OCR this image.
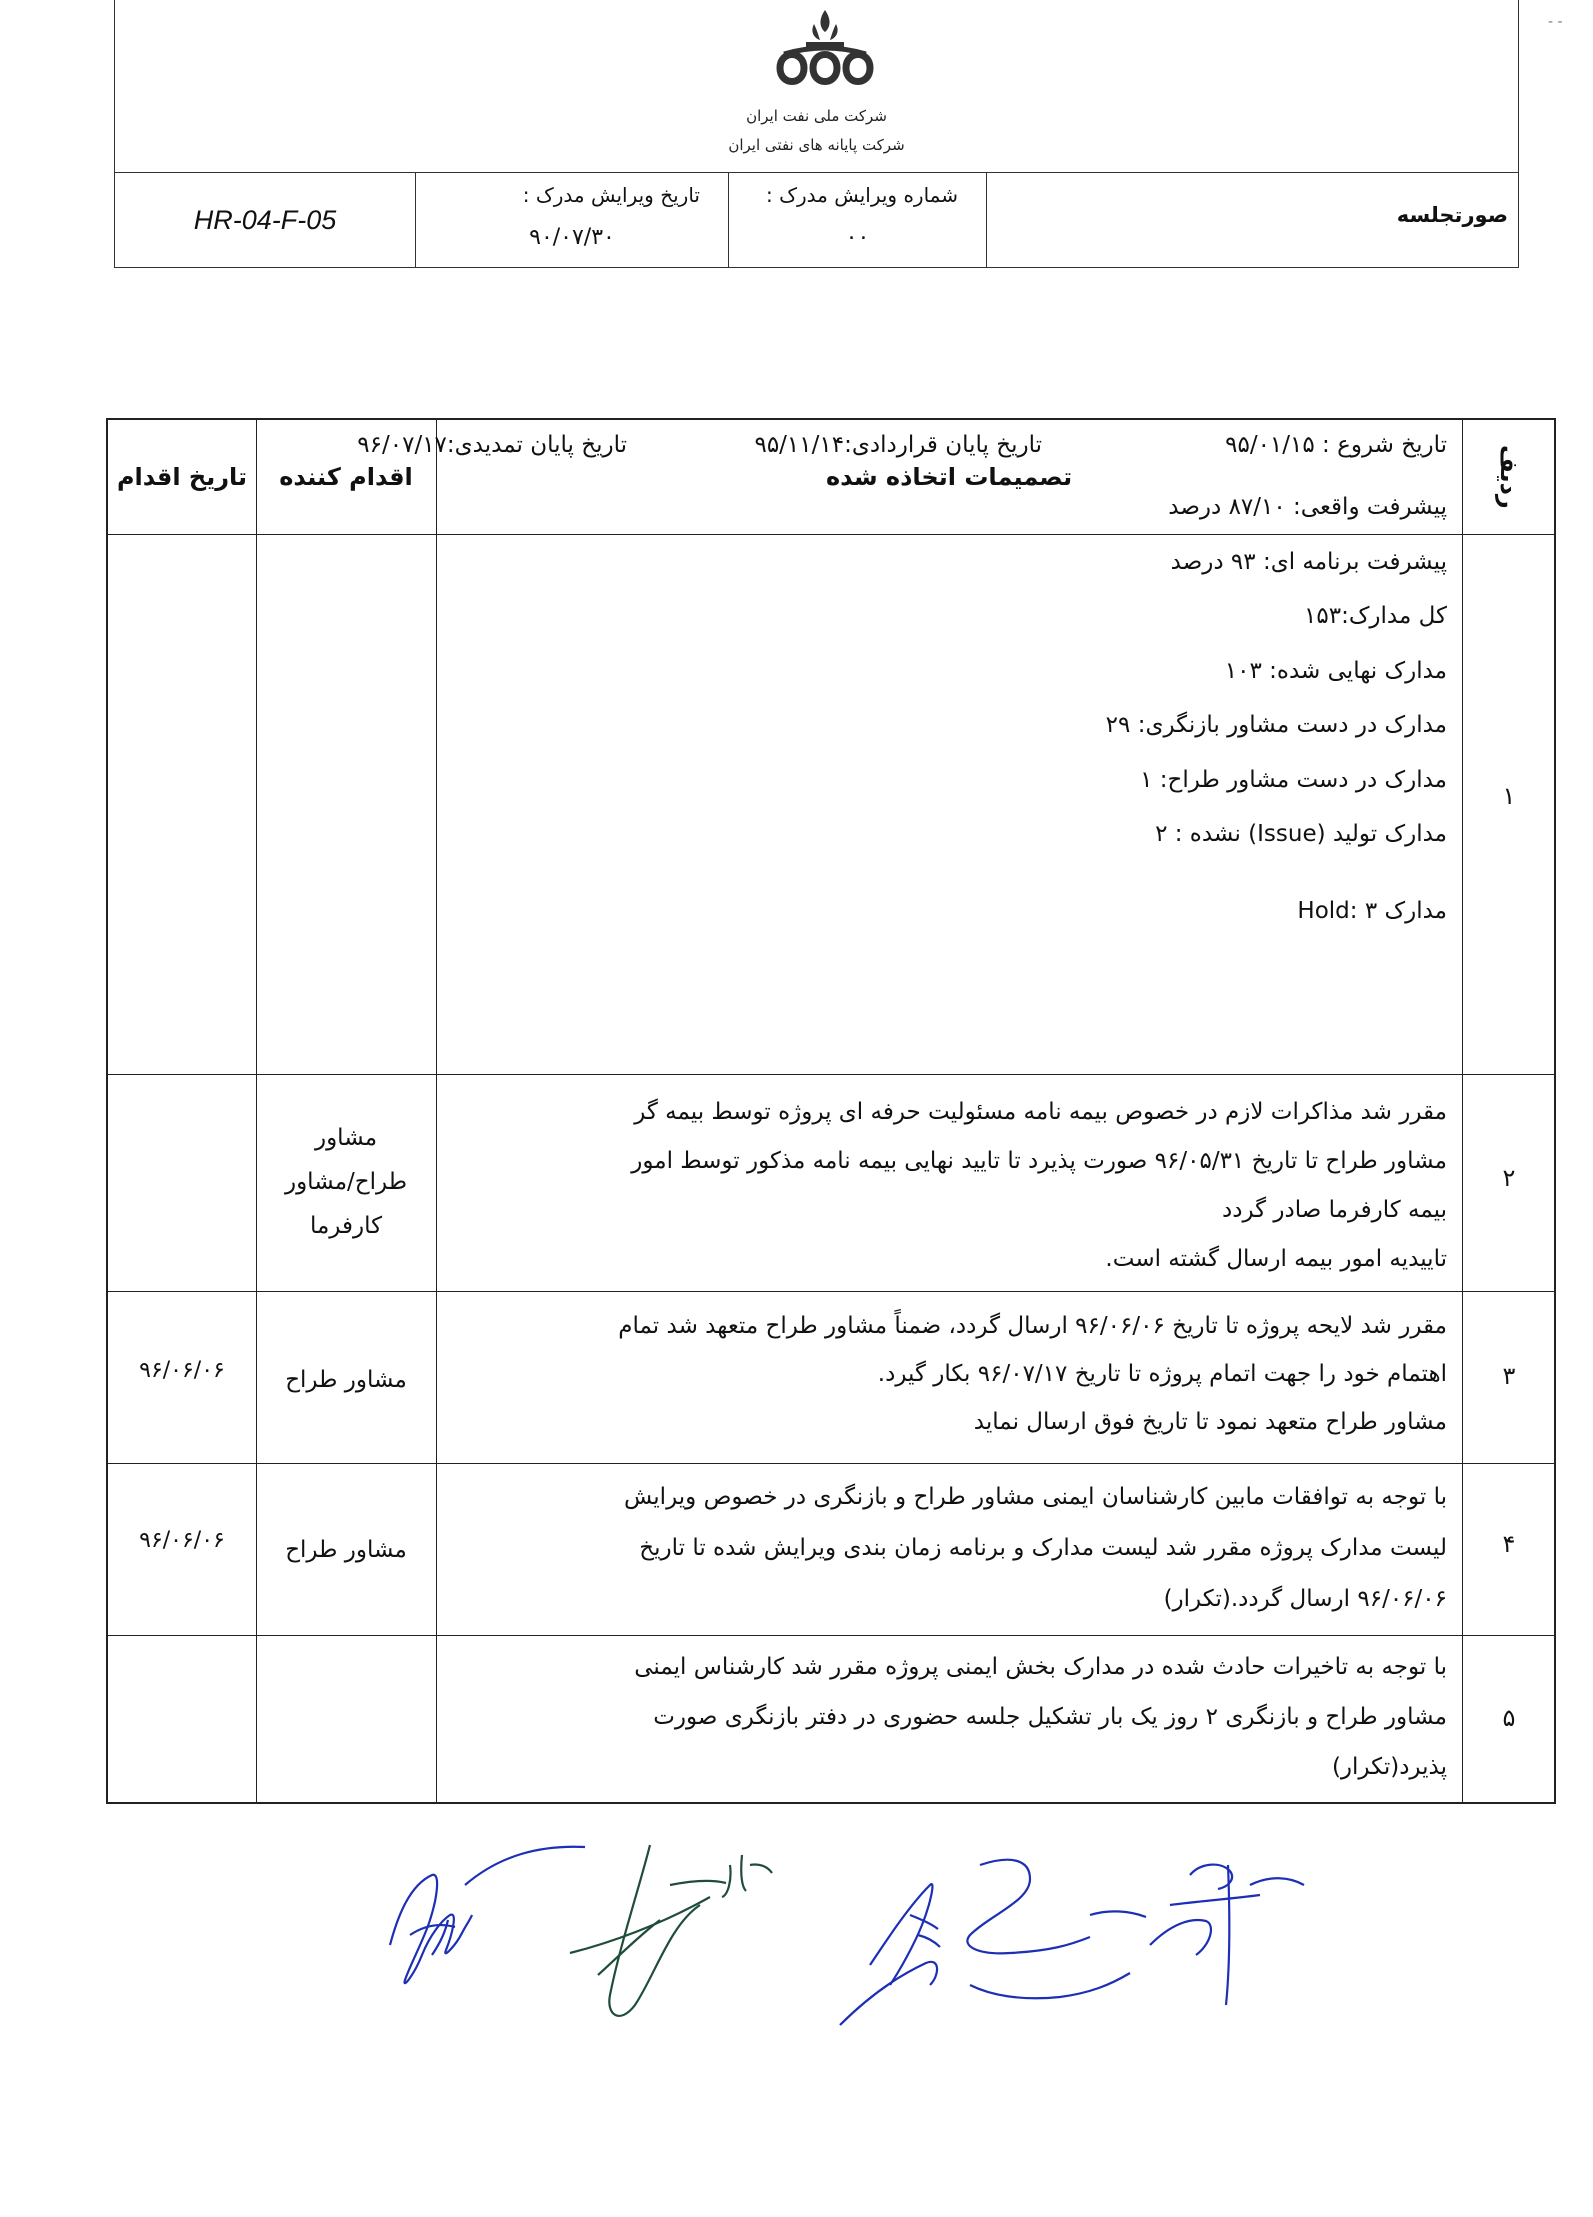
- -
شرکت ملی نفت ایران
شرکت پایانه های نفتی ایران
HR-04-F-05
تاریخ ویرایش مدرک :
۹۰/۰۷/۳۰
شماره ویرایش مدرک :
۰۰
صورتجلسه
ردیف
تصمیمات اتخاذه شده
اقدام کننده
تاریخ اقدام
۱
تاریخ شروع : ۹۵/۰۱/۱۵
تاریخ پایان قراردادی:۹۵/۱۱/۱۴
تاریخ پایان تمدیدی:۹۶/۰۷/۱۷
پیشرفت واقعی: ۸۷/۱۰ درصد
پیشرفت برنامه ای: ۹۳ درصد
کل مدارک:۱۵۳
مدارک نهایی شده: ۱۰۳
مدارک در دست مشاور بازنگری: ۲۹
مدارک در دست مشاور طراح: ۱
مدارک تولید (Issue) نشده : ۲
مدارک Hold: ۳
۲
مقرر شد مذاکرات لازم در خصوص بیمه نامه مسئولیت حرفه ای پروژه توسط بیمه گر
مشاور طراح تا تاریخ ۹۶/۰۵/۳۱ صورت پذیرد تا تایید نهایی بیمه نامه مذکور توسط امور
بیمه کارفرما صادر گردد
تاییدیه امور بیمه ارسال گشته است.
مشاور
طراح/مشاور
کارفرما
۳
مقرر شد لایحه پروژه تا تاریخ ۹۶/۰۶/۰۶ ارسال گردد، ضمناً مشاور طراح متعهد شد تمام
اهتمام خود را جهت اتمام پروژه تا تاریخ ۹۶/۰۷/۱۷ بکار گیرد.
مشاور طراح متعهد نمود تا تاریخ فوق ارسال نماید
مشاور طراح
۹۶/۰۶/۰۶
۴
با توجه به توافقات مابین کارشناسان ایمنی مشاور طراح و بازنگری در خصوص ویرایش
لیست مدارک پروژه مقرر شد لیست مدارک و برنامه زمان بندی ویرایش شده تا تاریخ
۹۶/۰۶/۰۶ ارسال گردد.(تکرار)
مشاور طراح
۹۶/۰۶/۰۶
۵
با توجه به تاخیرات حادث شده در مدارک بخش ایمنی پروژه مقرر شد کارشناس ایمنی
مشاور طراح و بازنگری ۲ روز یک بار تشکیل جلسه حضوری در دفتر بازنگری صورت
پذیرد(تکرار)
